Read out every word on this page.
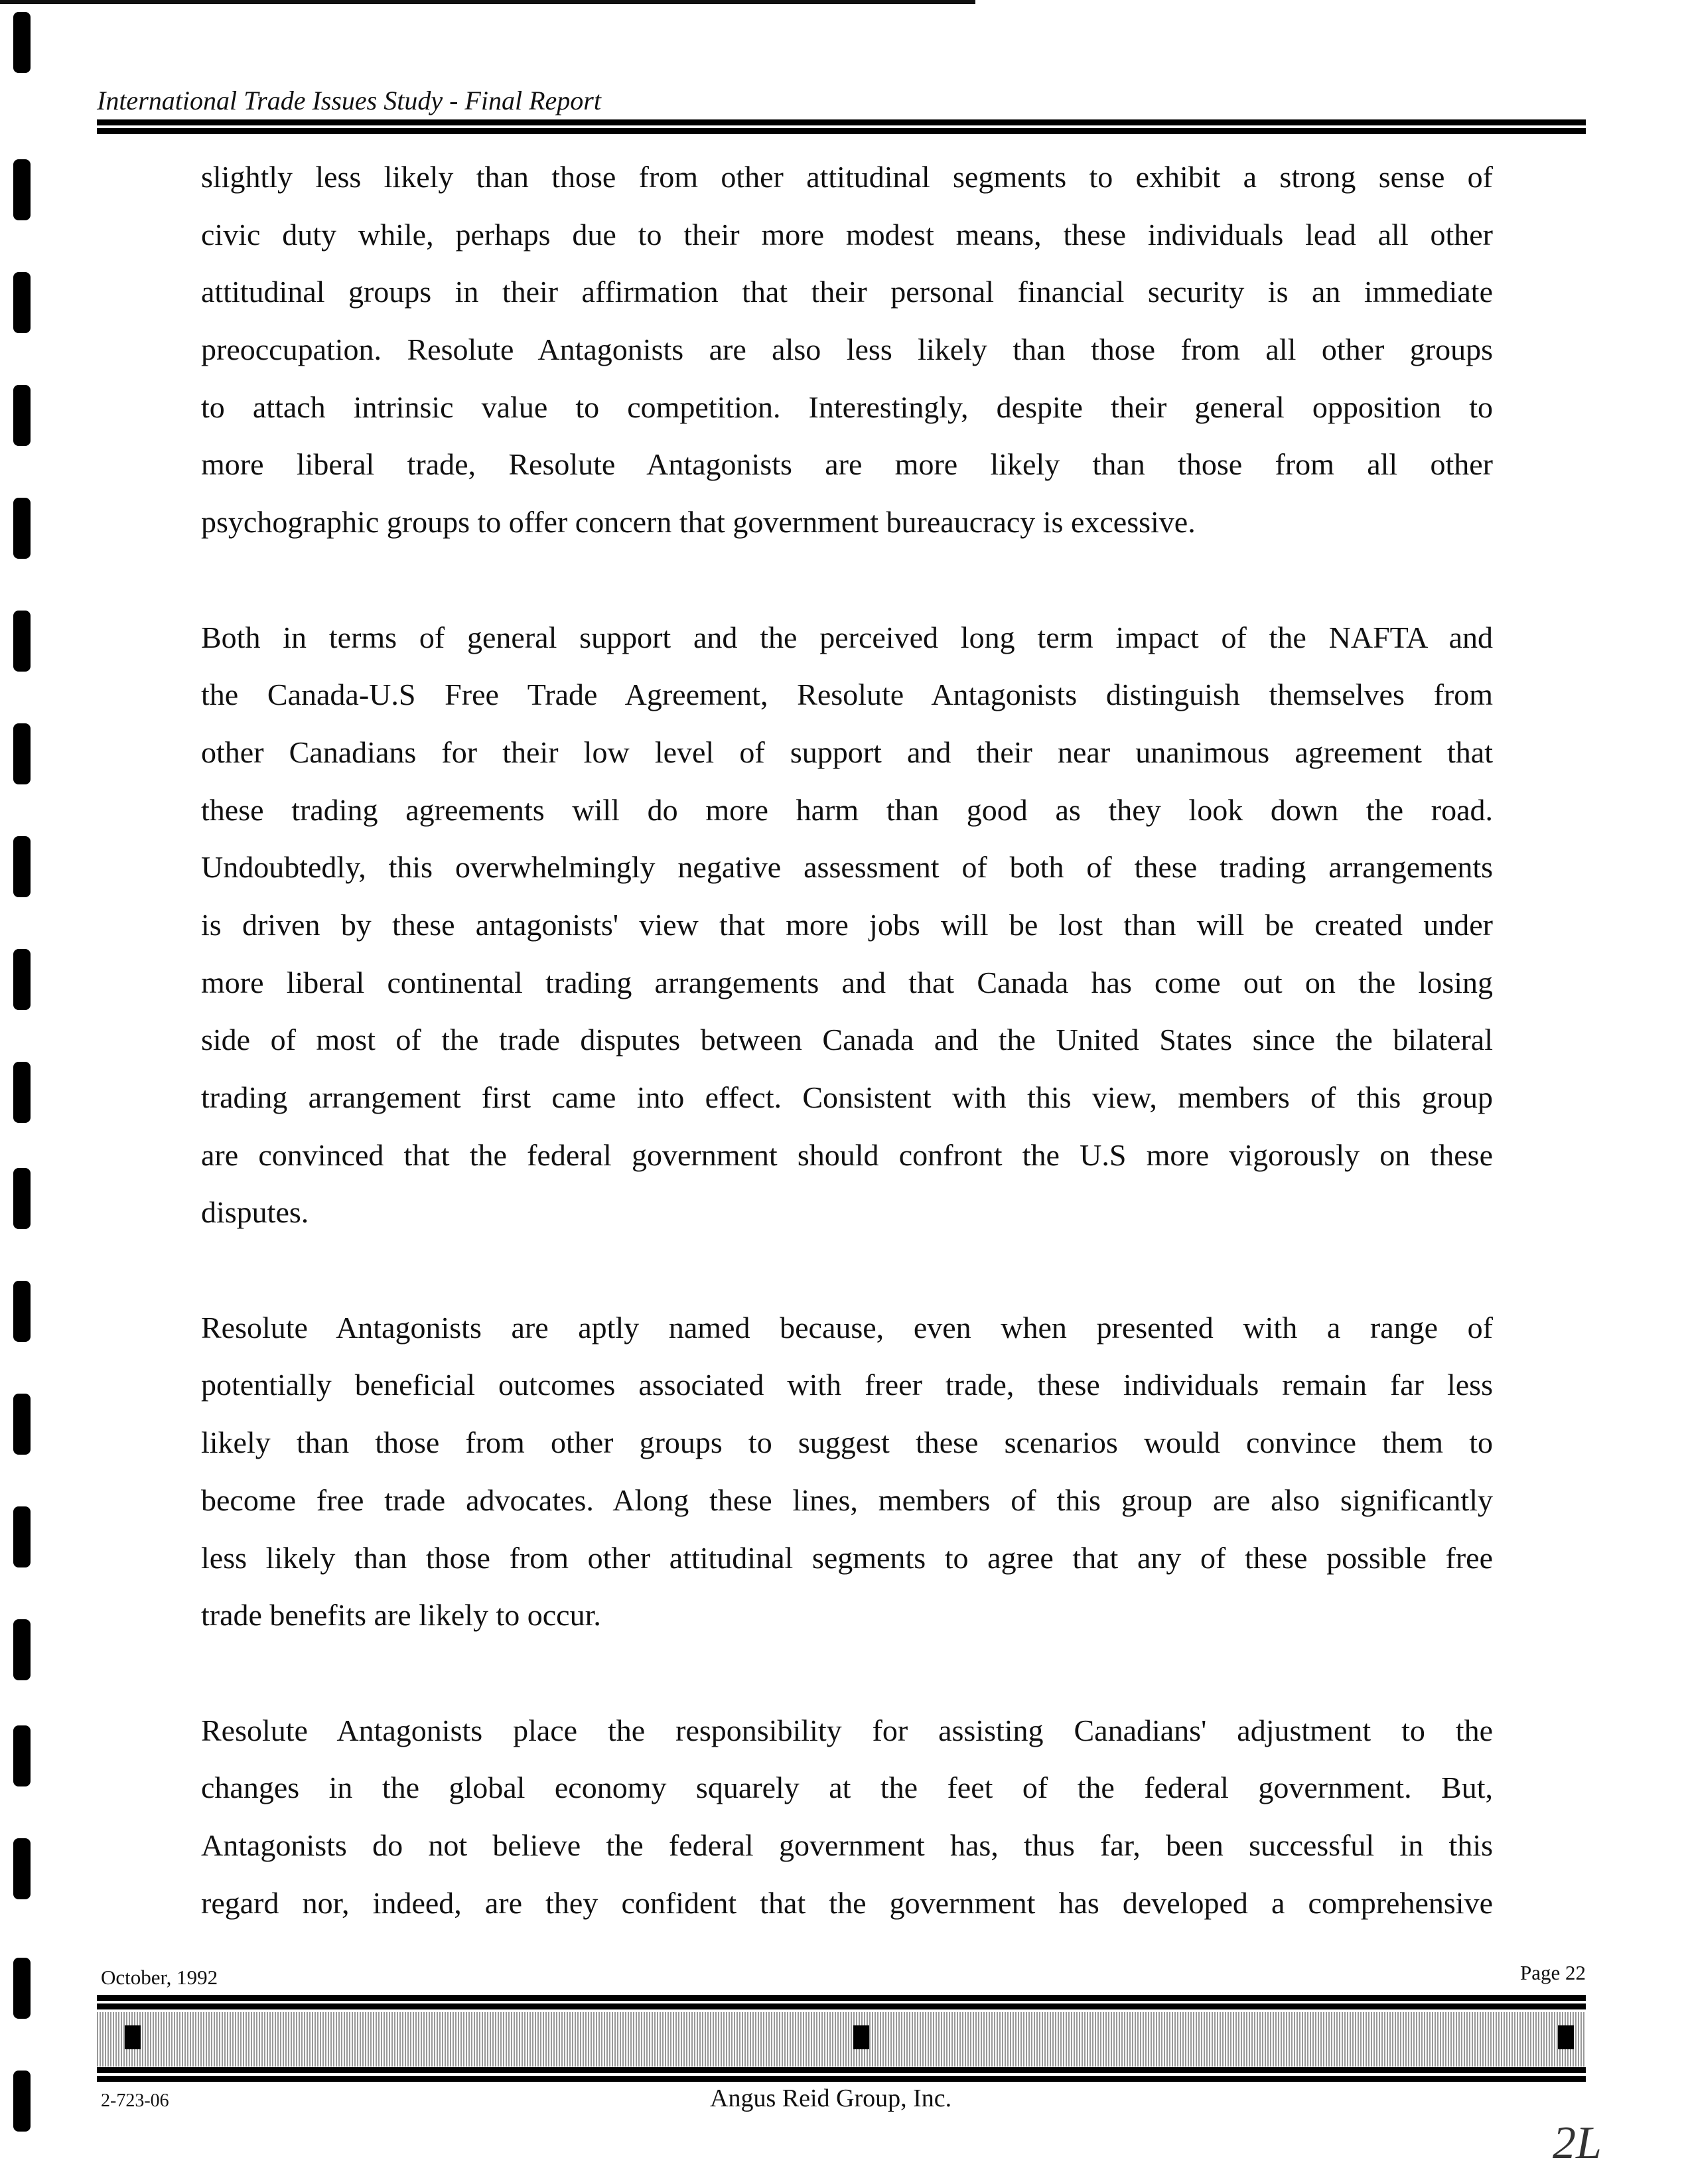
International Trade Issues Study - Final Report
slightly less likely than those from other attitudinal segments to exhibit a strong sense of
civic duty while, perhaps due to their more modest means, these individuals lead all other
attitudinal groups in their affirmation that their personal financial security is an immediate
preoccupation. Resolute Antagonists are also less likely than those from all other groups
to attach intrinsic value to competition. Interestingly, despite their general opposition to
more liberal trade, Resolute Antagonists are more likely than those from all other
psychographic groups to offer concern that government bureaucracy is excessive.
Both in terms of general support and the perceived long term impact of the NAFTA and
the Canada-U.S Free Trade Agreement, Resolute Antagonists distinguish themselves from
other Canadians for their low level of support and their near unanimous agreement that
these trading agreements will do more harm than good as they look down the road.
Undoubtedly, this overwhelmingly negative assessment of both of these trading arrangements
is driven by these antagonists' view that more jobs will be lost than will be created under
more liberal continental trading arrangements and that Canada has come out on the losing
side of most of the trade disputes between Canada and the United States since the bilateral
trading arrangement first came into effect. Consistent with this view, members of this group
are convinced that the federal government should confront the U.S more vigorously on these
disputes.
Resolute Antagonists are aptly named because, even when presented with a range of
potentially beneficial outcomes associated with freer trade, these individuals remain far less
likely than those from other groups to suggest these scenarios would convince them to
become free trade advocates. Along these lines, members of this group are also significantly
less likely than those from other attitudinal segments to agree that any of these possible free
trade benefits are likely to occur.
Resolute Antagonists place the responsibility for assisting Canadians' adjustment to the
changes in the global economy squarely at the feet of the federal government. But,
Antagonists do not believe the federal government has, thus far, been successful in this
regard nor, indeed, are they confident that the government has developed a comprehensive
October, 1992	Page 22
2-723-06	Angus Reid Group, Inc.
2L
